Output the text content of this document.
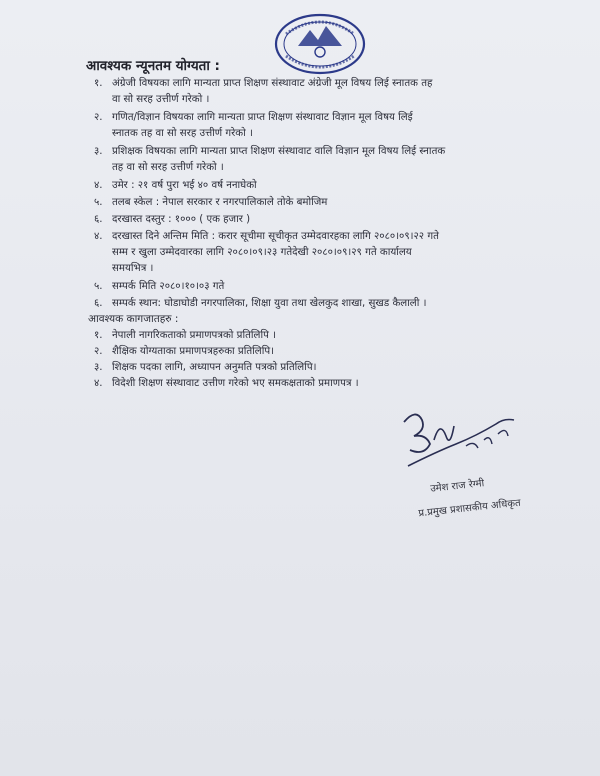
आवश्यक न्यूनतम योग्यता :
१. अंग्रेजी विषयका लागि मान्यता प्राप्त शिक्षण संस्थावाट अंग्रेजी मूल विषय लिई स्नातक तह
वा सो सरह उत्तीर्ण गरेको ।
२. गणित/विज्ञान विषयका लागि मान्यता प्राप्त शिक्षण संस्थावाट विज्ञान मूल विषय लिई
स्नातक तह वा सो सरह उत्तीर्ण गरेको ।
३. प्रशिक्षक विषयका लागि मान्यता प्राप्त शिक्षण संस्थावाट वालि विज्ञान मूल विषय लिई स्नातक
तह वा सो सरह उत्तीर्ण गरेको ।
४. उमेर : २१ वर्ष पुरा भई ४० वर्ष ननाघेको
५. तलब स्केल : नेपाल सरकार र नगरपालिकाले तोके बमोजिम
६. दरखास्त दस्तुर : १००० ( एक हजार )
४. दरखास्त दिने अन्तिम मिति : करार सूचीमा सूचीकृत उम्मेदवारहका लागि २०८०।०९।२२ गते
सम्म र खुला उम्मेदवारका लागि २०८०।०९।२३ गतेदेखी २०८०।०९।२९ गते कार्यालय
समयभित्र ।
५. सम्पर्क मिति २०८०।१०।०३ गते
६. सम्पर्क स्थान: घोडाघोडी नगरपालिका, शिक्षा युवा तथा खेलकुद शाखा, सुखड कैलाली ।
आवश्यक कागजातहरु :
१. नेपाली नागरिकताको प्रमाणपत्रको प्रतिलिपि ।
२. शैक्षिक योग्यताका प्रमाणपत्रहरुका प्रतिलिपि।
३. शिक्षक पदका लागि, अध्यापन अनुमति पत्रको प्रतिलिपि।
४. विदेशी शिक्षण संस्थावाट उत्तीण गरेको भए समकक्षताको प्रमाणपत्र ।
उमेश राज रेग्मी
प्र.प्रमुख प्रशासकीय अधिकृत
